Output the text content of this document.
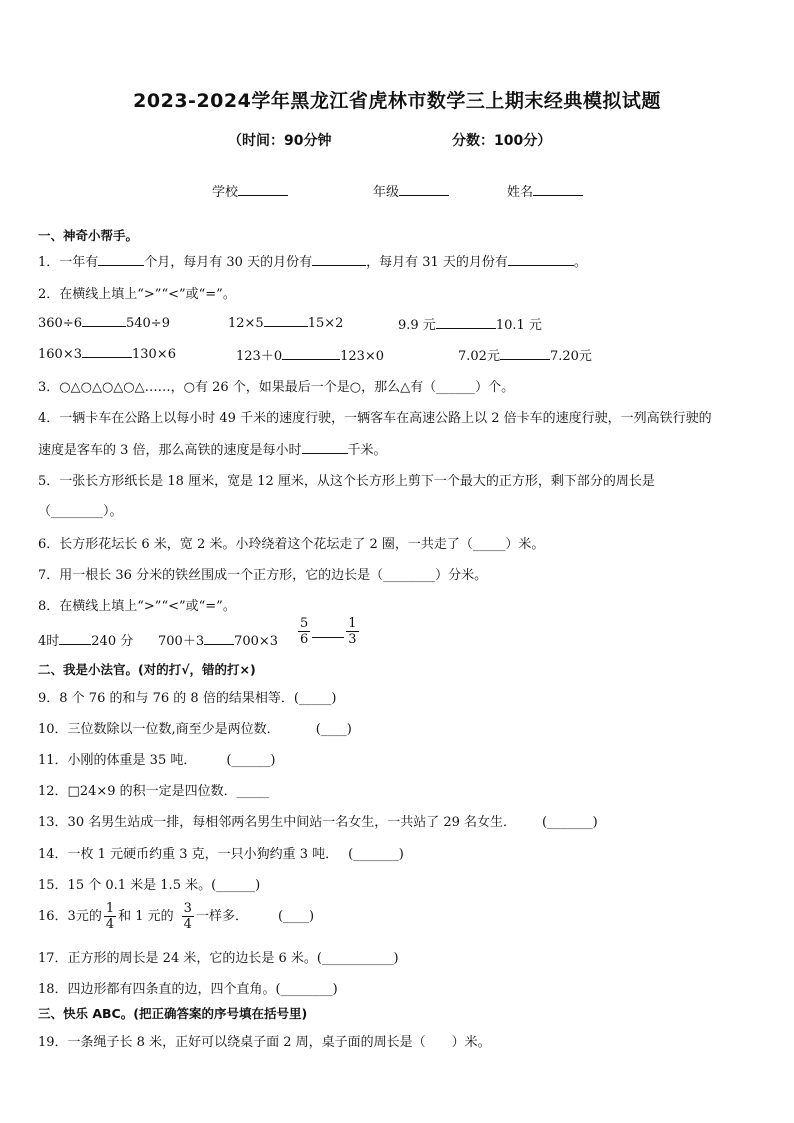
2023-2024学年黑龙江省虎林市数学三上期末经典模拟试题
（时间：90分钟	分数：100分）
学校	年级	姓名
一、神奇小帮手。
1．一年有	个月，每月有 30 天的月份有	，每月有 31 天的月份有	。
2．在横线上填上“>”“<”或“=”。
360÷6	540÷9	12×5	15×2	9.9 元	10.1 元
160×3	130×6	123＋0	123×0	7.02元	7.20元
3．○△○△○△○△……，○有 26 个，如果最后一个是○，那么△有（______）个。
4．一辆卡车在公路上以每小时 49 千米的速度行驶，一辆客车在高速公路上以 2 倍卡车的速度行驶，一列高铁行驶的
速度是客车的 3 倍，那么高铁的速度是每小时	千米。
5．一张长方形纸长是 18 厘米，宽是 12 厘米，从这个长方形上剪下一个最大的正方形，剩下部分的周长是
（________）。
6．长方形花坛长 6 米，宽 2 米。小玲绕着这个花坛走了 2 圈，一共走了（_____）米。
7．用一根长 36 分米的铁丝围成一个正方形，它的边长是（________）分米。
8．在横线上填上“>”“<”或“=”。
4时 240 分 700＋3 $700\times 3 \frac{5}{6}$	$\frac{1}{3}$
二、我是小法官。(对的打√，错的打×)
9．8 个 76 的和与 76 的 8 倍的结果相等．(_____)
10．三位数除以一位数,商至少是两位数．	(____)
11．小刚的体重是 35 吨． (______)
12．□24×9 的积一定是四位数．_____
13．30 名男生站成一排，每相邻两名男生中间站一名女生，一共站了 29 名女生． (_______)
14．一枚 1 元硬币约重 3 克，一只小狗约重 3 吨． (_______)
15．15 个 0.1 米是 1.5 米。(______)
16．3元的 $\frac{1}{4}$ 和 1 元的 $\frac{3}{4}$ 一样多． (____)
17．正方形的周长是 24 米，它的边长是 6 米。(___________)
18．四边形都有四条直的边，四个直角。(________)
三、快乐 ABC。(把正确答案的序号填在括号里)
19．一条绳子长 8 米，正好可以绕桌子面 2 周，桌子面的周长是（　　）米。
